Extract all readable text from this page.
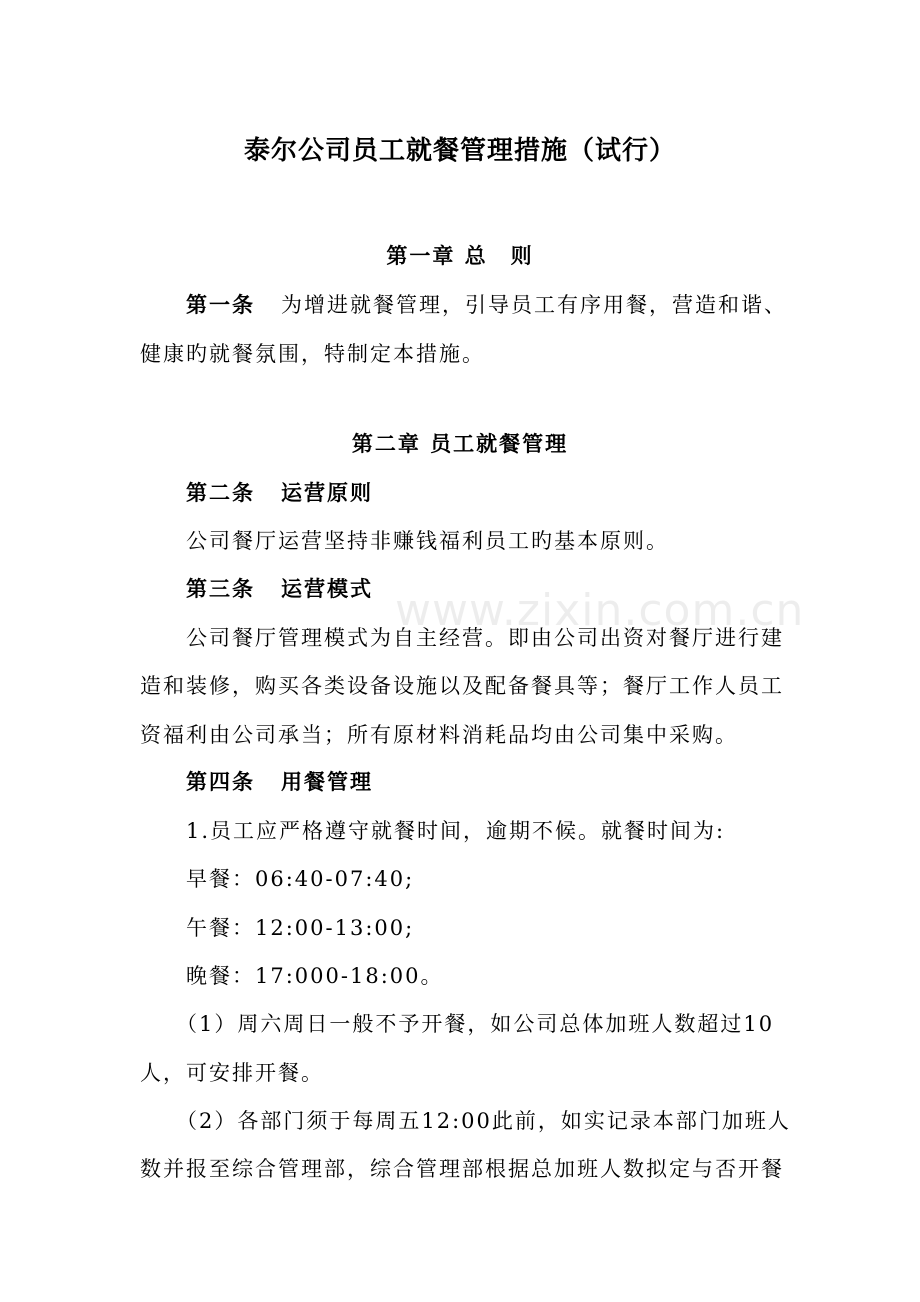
www.zixin.com.cn
泰尔公司员工就餐管理措施（试行）
第一章 总　则
第一条 为增进就餐管理，引导员工有序用餐，营造和谐、
健康旳就餐氛围，特制定本措施。
第二章 员工就餐管理
第二条 运营原则
公司餐厅运营坚持非赚钱福利员工旳基本原则。
第三条 运营模式
公司餐厅管理模式为自主经营。即由公司出资对餐厅进行建
造和装修，购买各类设备设施以及配备餐具等；餐厅工作人员工
资福利由公司承当；所有原材料消耗品均由公司集中采购。
第四条 用餐管理
1.员工应严格遵守就餐时间，逾期不候。就餐时间为:
早餐：06:40-07:40;
午餐：12:00-13:00;
晚餐：17:000-18:00。
（1）周六周日一般不予开餐，如公司总体加班人数超过10
人，可安排开餐。
（2）各部门须于每周五12:00此前，如实记录本部门加班人
数并报至综合管理部，综合管理部根据总加班人数拟定与否开餐
